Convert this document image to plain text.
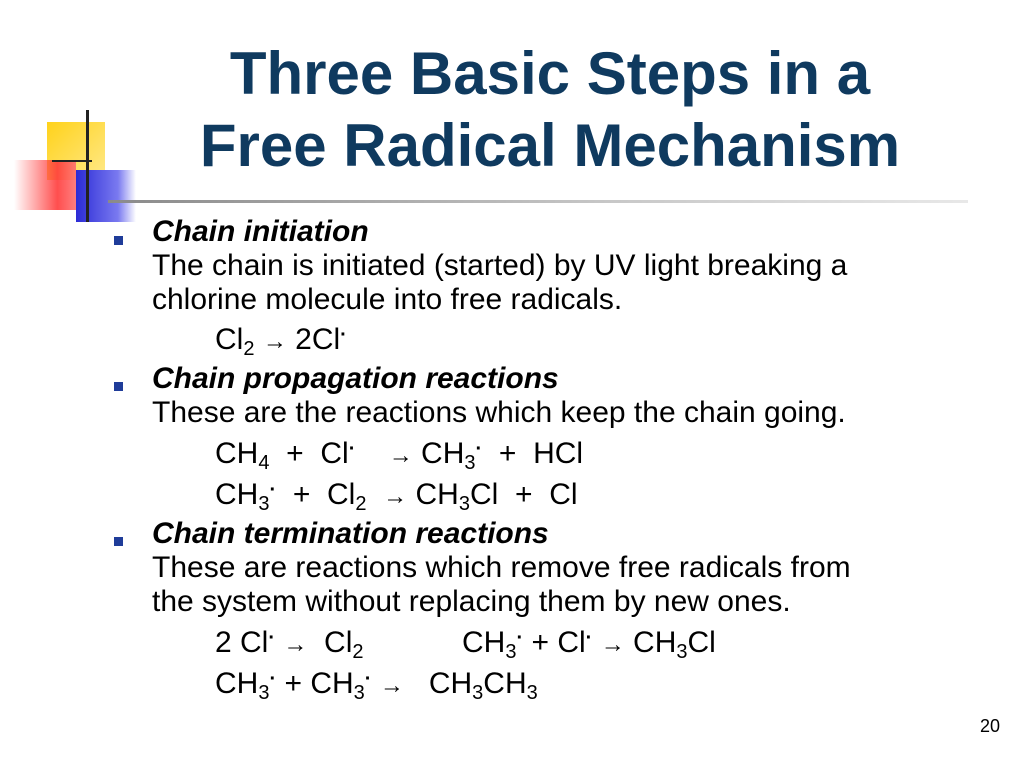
Three Basic Steps in a
Free Radical Mechanism
Chain initiation
The chain is initiated (started) by UV light breaking a
chlorine molecule into free radicals.
$Cl_2 \to 2Cl^\cdot$
Chain propagation reactions
These are the reactions which keep the chain going.
$CH_4 + Cl^\cdot \to CH_3^\cdot$ + HCl
$CH_3^\cdot + Cl_2 \to CH_3Cl + Cl$
Chain termination reactions
These are reactions which remove free radicals from
the system without replacing them by new ones.
2 $Cl^\cdot \to Cl_2$	$CH_3^\cdot + Cl^\cdot \to CH_3Cl$
$CH_3^\cdot + CH_3^\cdot \to CH_3CH_3$
20
